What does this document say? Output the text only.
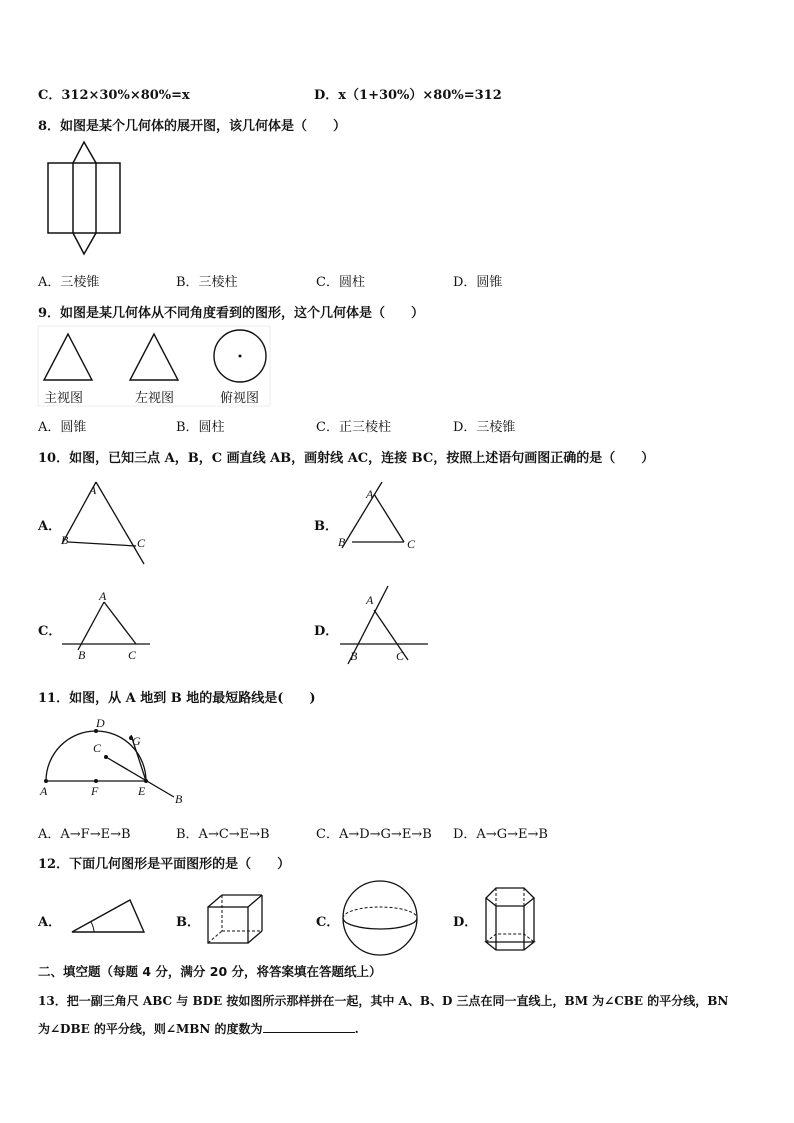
C．312×30%×80%=x	D．x（1+30%）×80%=312
8．如图是某个几何体的展开图，该几何体是（　　）
A．三棱锥	B．三棱柱	C．圆柱	D．圆锥
9．如图是某几何体从不同角度看到的图形，这个几何体是（　　）
主视图	左视图	俯视图
A．圆锥	B．圆柱	C．正三棱柱	D．三棱锥
10．如图，已知三点 A，B，C 画直线 AB，画射线 AC，连接 BC，按照上述语句画图正确的是（　　）
A．
A
B	C
B．
A
B	C
C．
A
B	C
D．
A
B	C
11．如图，从 A 地到 B 地的最短路线是(　　)
D
G
C
A	F	E
B
A．A→F→E→B	B．A→C→E→B	C．A→D→G→E→B D．A→G→E→B
12．下面几何图形是平面图形的是（　　）
A．	B．	C．	D．
二、填空题（每题 4 分，满分 20 分，将答案填在答题纸上）
13．把一副三角尺 ABC 与 BDE 按如图所示那样拼在一起，其中 A、B、D 三点在同一直线上，BM 为∠CBE 的平分线，BN
为∠DBE 的平分线，则∠MBN 的度数为	.
